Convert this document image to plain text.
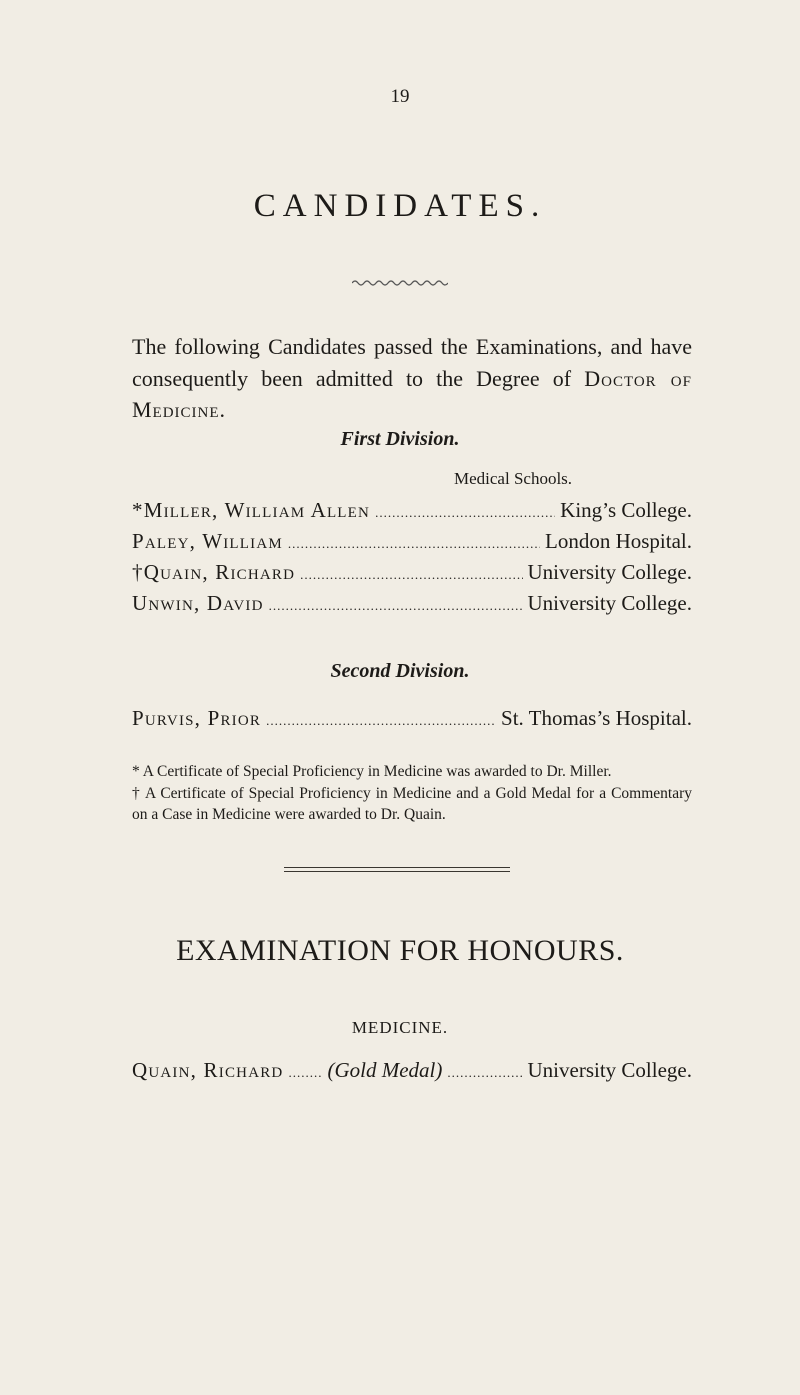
19
CANDIDATES.
The following Candidates passed the Examinations, and have consequently been admitted to the Degree of Doctor of Medicine.
First Division.
Medical Schools.
*Miller, William Allen .....	King’s College.
Paley, William .....	London Hospital.
†Quain, Richard .....	University College.
Unwin, David .....	University College.
Second Division.
Purvis, Prior .....	St. Thomas’s Hospital.
* A Certificate of Special Proficiency in Medicine was awarded to Dr. Miller.
† A Certificate of Special Proficiency in Medicine and a Gold Medal for a Commentary on a Case in Medicine were awarded to Dr. Quain.
EXAMINATION FOR HONOURS.
MEDICINE.
Quain, Richard ..... (Gold Medal) .....	University College.
